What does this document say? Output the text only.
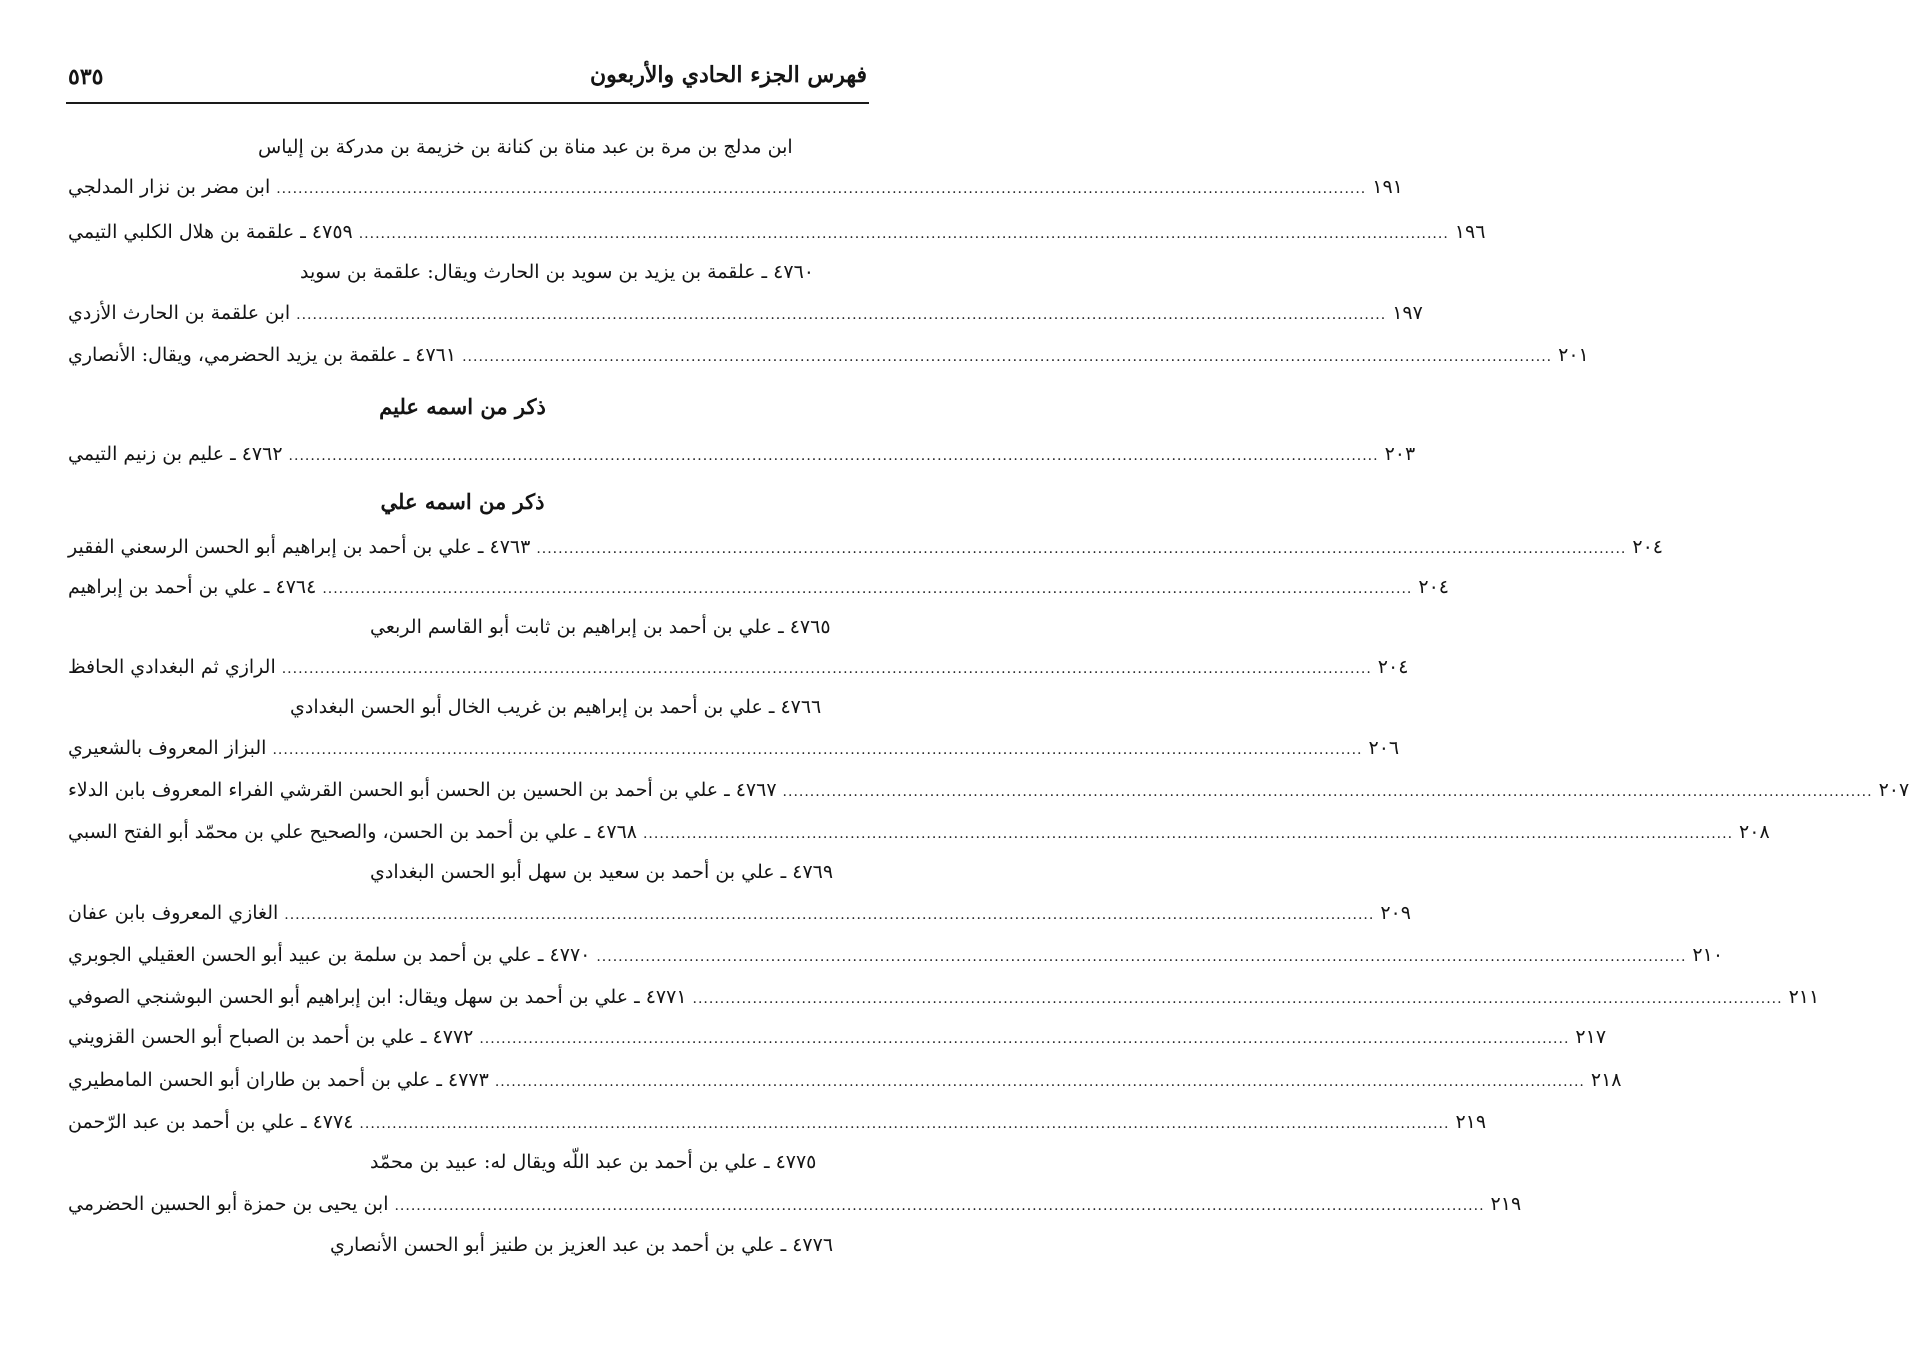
فهرس الجزء الحادي والأربعون
٥٣٥
ابن مدلج بن مرة بن عبد مناة بن كنانة بن خزيمة بن مدركة بن إلياس
ابن مضر بن نزار المدلجي ........................................................................................................................................................................................................ ١٩١
٤٧٥٩ ـ علقمة بن هلال الكلبي التيمي ........................................................................................................................................................................................................ ١٩٦
٤٧٦٠ ـ علقمة بن يزيد بن سويد بن الحارث ويقال: علقمة بن سويد
ابن علقمة بن الحارث الأزدي ........................................................................................................................................................................................................ ١٩٧
٤٧٦١ ـ علقمة بن يزيد الحضرمي، ويقال: الأنصاري ........................................................................................................................................................................................................ ٢٠١
ذكر من اسمه عليم
٤٧٦٢ ـ عليم بن زنيم التيمي ........................................................................................................................................................................................................ ٢٠٣
ذكر من اسمه علي
٤٧٦٣ ـ علي بن أحمد بن إبراهيم أبو الحسن الرسعني الفقير ........................................................................................................................................................................................................ ٢٠٤
٤٧٦٤ ـ علي بن أحمد بن إبراهيم ........................................................................................................................................................................................................ ٢٠٤
٤٧٦٥ ـ علي بن أحمد بن إبراهيم بن ثابت أبو القاسم الربعي
الرازي ثم البغدادي الحافظ ........................................................................................................................................................................................................ ٢٠٤
٤٧٦٦ ـ علي بن أحمد بن إبراهيم بن غريب الخال أبو الحسن البغدادي
البزاز المعروف بالشعيري ........................................................................................................................................................................................................ ٢٠٦
٤٧٦٧ ـ علي بن أحمد بن الحسين بن الحسن أبو الحسن القرشي الفراء المعروف بابن الدلاء ........................................................................................................................................................................................................ ٢٠٧
٤٧٦٨ ـ علي بن أحمد بن الحسن، والصحيح علي بن محمّد أبو الفتح السبي ........................................................................................................................................................................................................ ٢٠٨
٤٧٦٩ ـ علي بن أحمد بن سعيد بن سهل أبو الحسن البغدادي
الغازي المعروف بابن عفان ........................................................................................................................................................................................................ ٢٠٩
٤٧٧٠ ـ علي بن أحمد بن سلمة بن عبيد أبو الحسن العقيلي الجوبري ........................................................................................................................................................................................................ ٢١٠
٤٧٧١ ـ علي بن أحمد بن سهل ويقال: ابن إبراهيم أبو الحسن البوشنجي الصوفي ........................................................................................................................................................................................................ ٢١١
٤٧٧٢ ـ علي بن أحمد بن الصباح أبو الحسن القزويني ........................................................................................................................................................................................................ ٢١٧
٤٧٧٣ ـ علي بن أحمد بن طاران أبو الحسن المامطيري ........................................................................................................................................................................................................ ٢١٨
٤٧٧٤ ـ علي بن أحمد بن عبد الرّحمن ........................................................................................................................................................................................................ ٢١٩
٤٧٧٥ ـ علي بن أحمد بن عبد اللّه ويقال له: عبيد بن محمّد
ابن يحيى بن حمزة أبو الحسين الحضرمي ........................................................................................................................................................................................................ ٢١٩
٤٧٧٦ ـ علي بن أحمد بن عبد العزيز بن طنيز أبو الحسن الأنصاري
